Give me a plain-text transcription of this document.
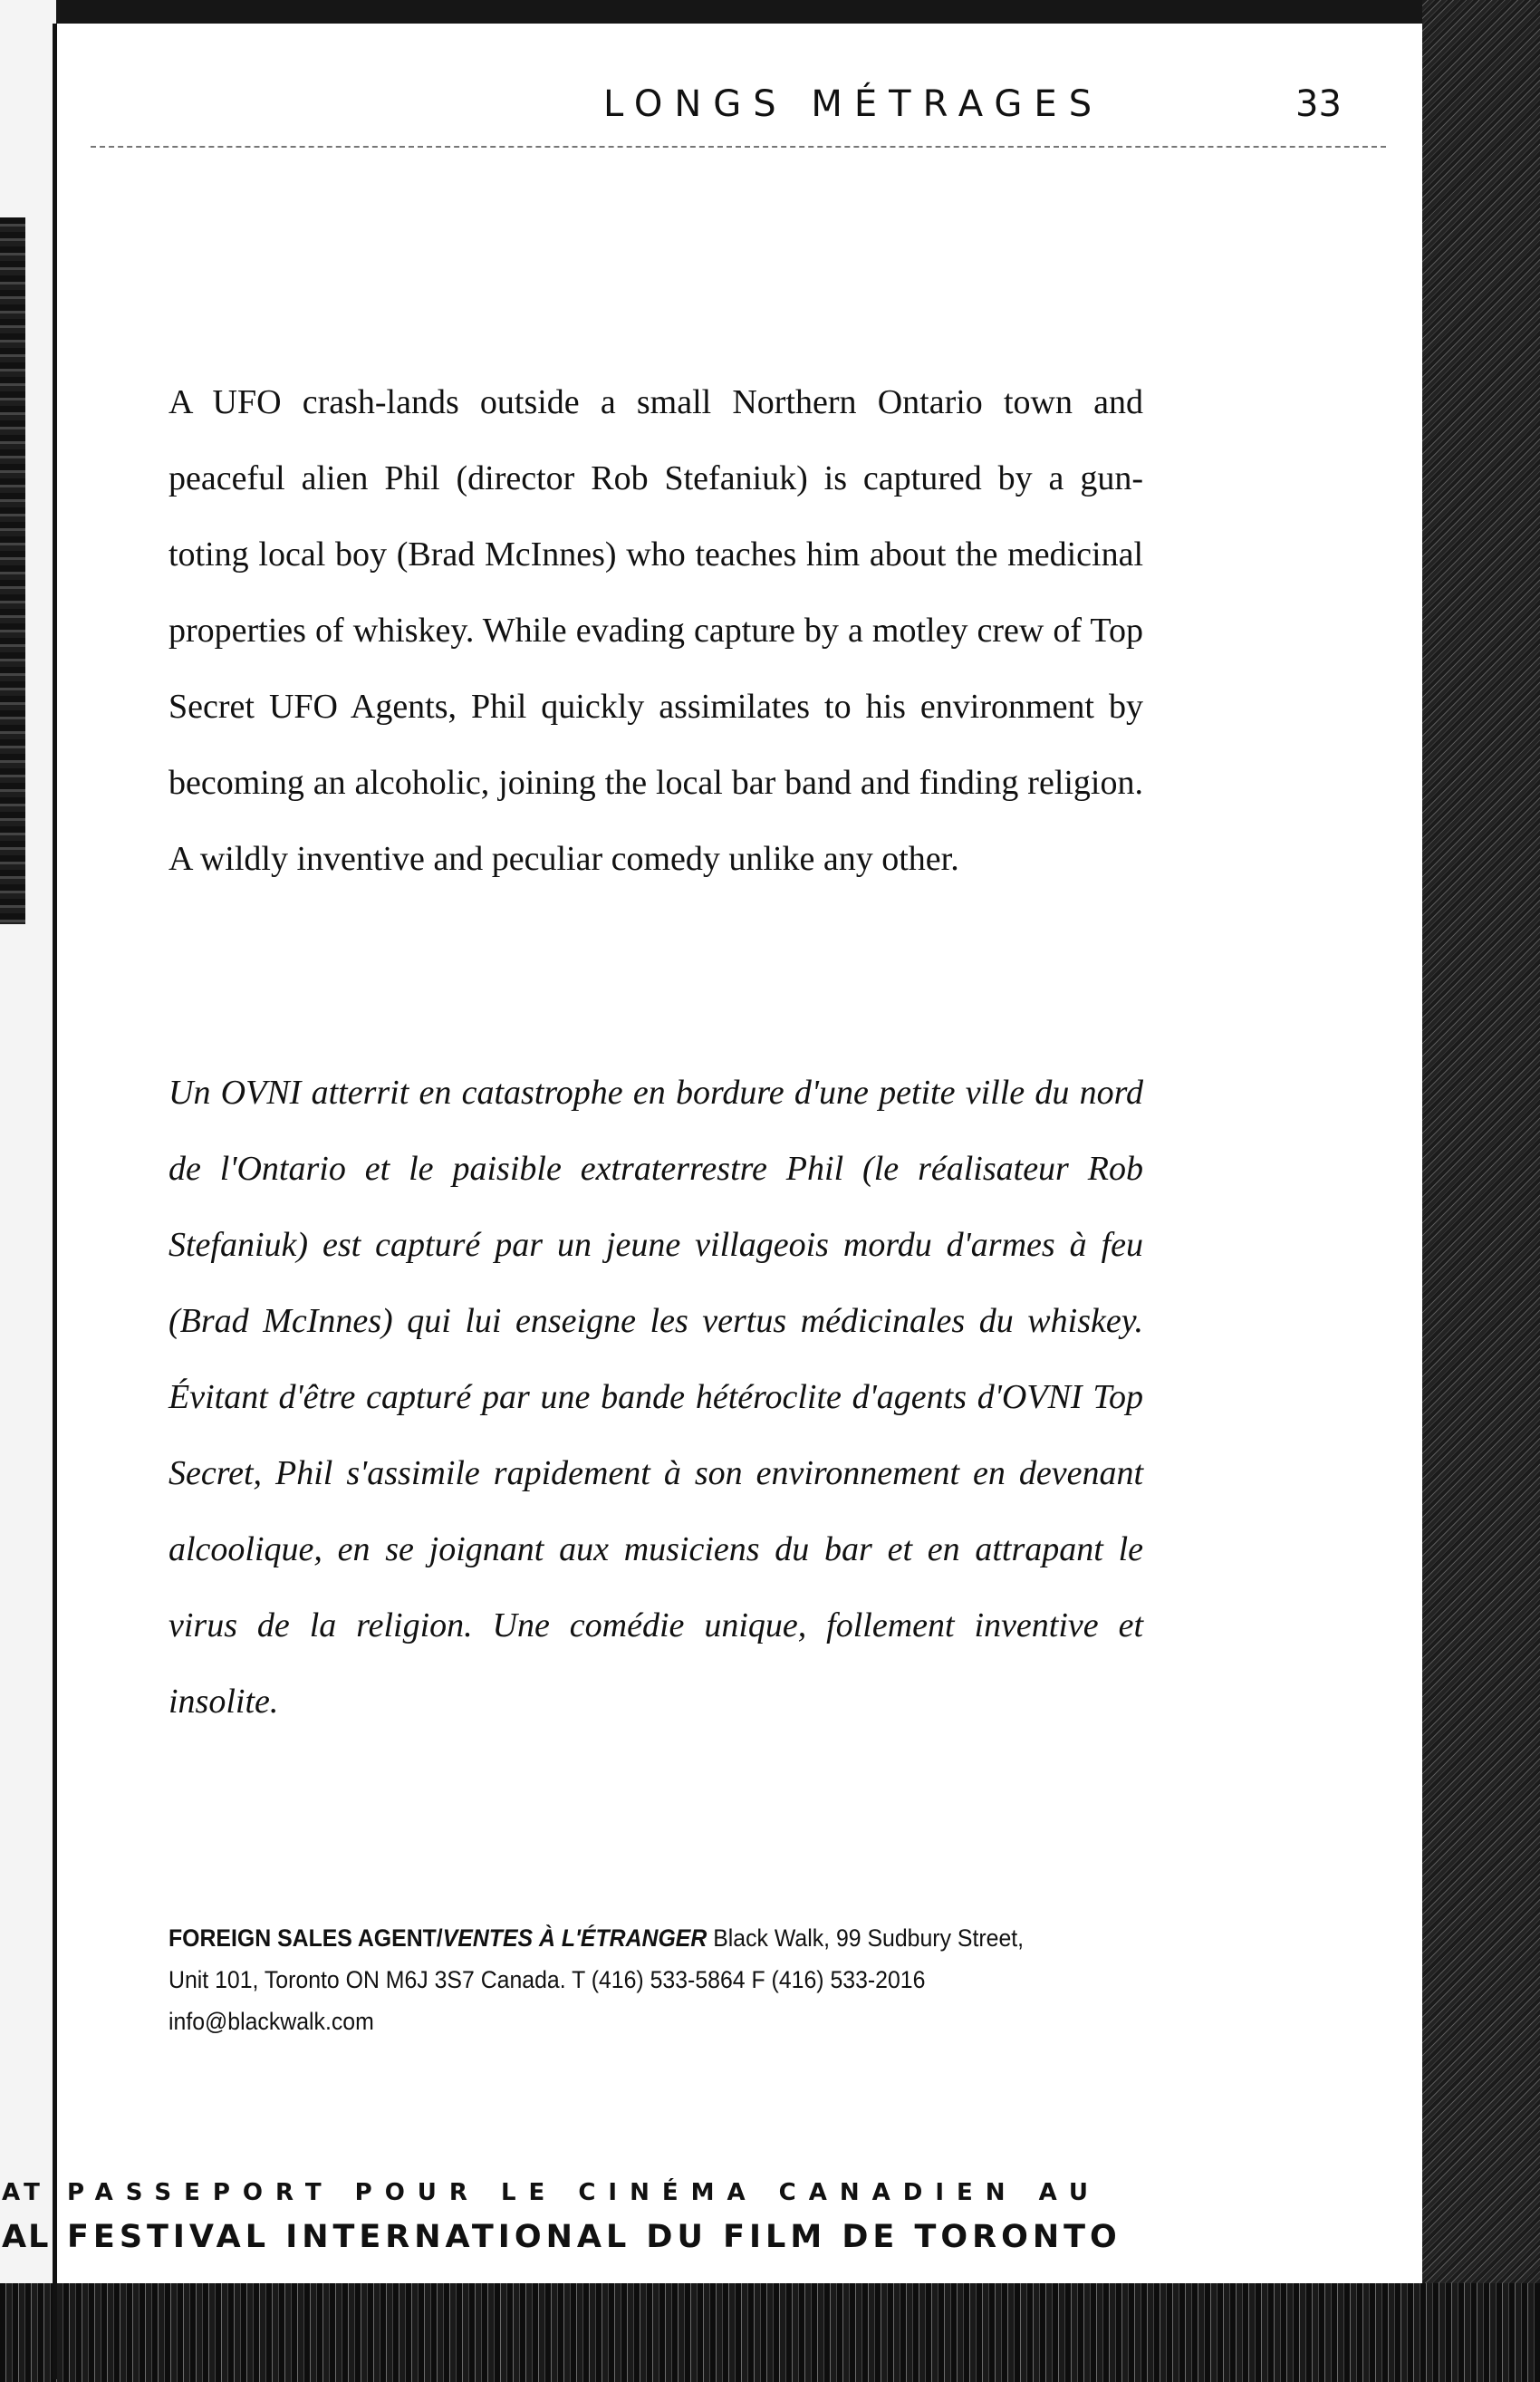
LONGS MÉTRAGES	33

A UFO crash-lands outside a small Northern Ontario town and peaceful alien Phil (director Rob Stefaniuk) is captured by a gun-toting local boy (Brad McInnes) who teaches him about the medicinal properties of whiskey. While evading capture by a motley crew of Top Secret UFO Agents, Phil quickly assimilates to his environment by becoming an alcoholic, joining the local bar band and finding religion. A wildly inventive and peculiar comedy unlike any other.

Un OVNI atterrit en catastrophe en bordure d'une petite ville du nord de l'Ontario et le paisible extraterrestre Phil (le réalisateur Rob Stefaniuk) est capturé par un jeune villageois mordu d'armes à feu (Brad McInnes) qui lui enseigne les vertus médicinales du whiskey. Évitant d'être capturé par une bande hétéroclite d'agents d'OVNI Top Secret, Phil s'assimile rapidement à son environnement en devenant alcoolique, en se joignant aux musiciens du bar et en attrapant le virus de la religion. Une comédie unique, follement inventive et insolite.

FOREIGN SALES AGENT/VENTES À L'ÉTRANGER Black Walk, 99 Sudbury Street, Unit 101, Toronto ON M6J 3S7 Canada. T (416) 533-5864 F (416) 533-2016 info@blackwalk.com
AT
AL
PASSEPORT POUR LE CINÉMA CANADIEN AU
FESTIVAL INTERNATIONAL DU FILM DE TORONTO
